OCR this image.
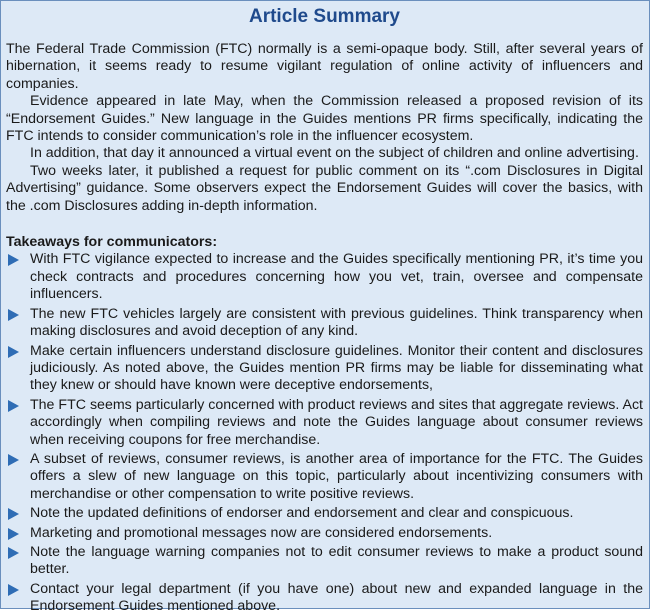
Article Summary

The Federal Trade Commission (FTC) normally is a semi-opaque body. Still, after several years of hibernation, it seems ready to resume vigilant regulation of online activity of influencers and companies.

Evidence appeared in late May, when the Commission released a proposed revision of its “Endorsement Guides.” New language in the Guides mentions PR firms specifically, indicating the FTC intends to consider communication’s role in the influencer ecosystem.

In addition, that day it announced a virtual event on the subject of children and online advertising.

Two weeks later, it published a request for public comment on its “.com Disclosures in Digital Advertising” guidance. Some observers expect the Endorsement Guides will cover the basics, with the .com Disclosures adding in-depth information.

Takeaways for communicators:
With FTC vigilance expected to increase and the Guides specifically mentioning PR, it’s time you check contracts and procedures concerning how you vet, train, oversee and compensate influencers.
The new FTC vehicles largely are consistent with previous guidelines. Think transparency when making disclosures and avoid deception of any kind.
Make certain influencers understand disclosure guidelines. Monitor their content and disclosures judiciously. As noted above, the Guides mention PR firms may be liable for disseminating what they knew or should have known were deceptive endorsements,
The FTC seems particularly concerned with product reviews and sites that aggregate reviews. Act accordingly when compiling reviews and note the Guides language about consumer reviews when receiving coupons for free merchandise.
A subset of reviews, consumer reviews, is another area of importance for the FTC. The Guides offers a slew of new language on this topic, particularly about incentivizing consumers with merchandise or other compensation to write positive reviews.
Note the updated definitions of endorser and endorsement and clear and conspicuous.
Marketing and promotional messages now are considered endorsements.
Note the language warning companies not to edit consumer reviews to make a product sound better.
Contact your legal department (if you have one) about new and expanded language in the Endorsement Guides mentioned above.
